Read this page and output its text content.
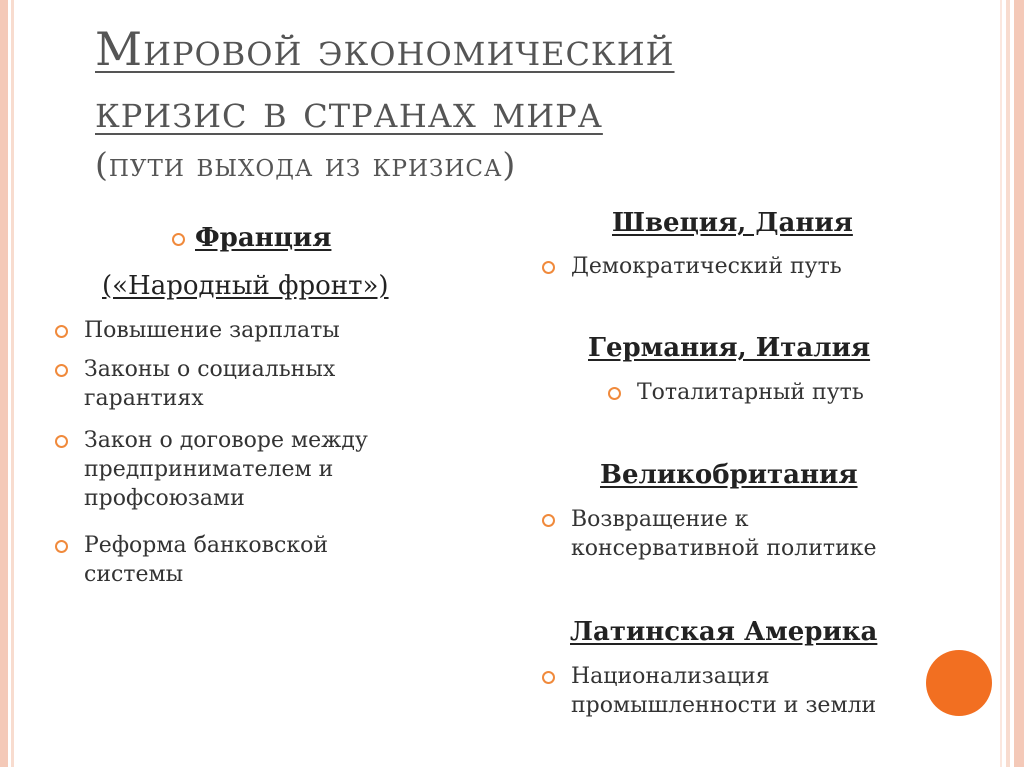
Мировой экономический
кризис в странах мира
(пути выхода из кризиса)
Франция
(«Народный фронт»)
Повышение зарплаты
Законы о социальных гарантиях
Закон о договоре между предпринимателем и профсоюзами
Реформа банковской системы
Швеция, Дания
Демократический путь
Германия, Италия
Тоталитарный путь
Великобритания
Возвращение к консервативной политике
Латинская Америка
Национализация промышленности и земли
